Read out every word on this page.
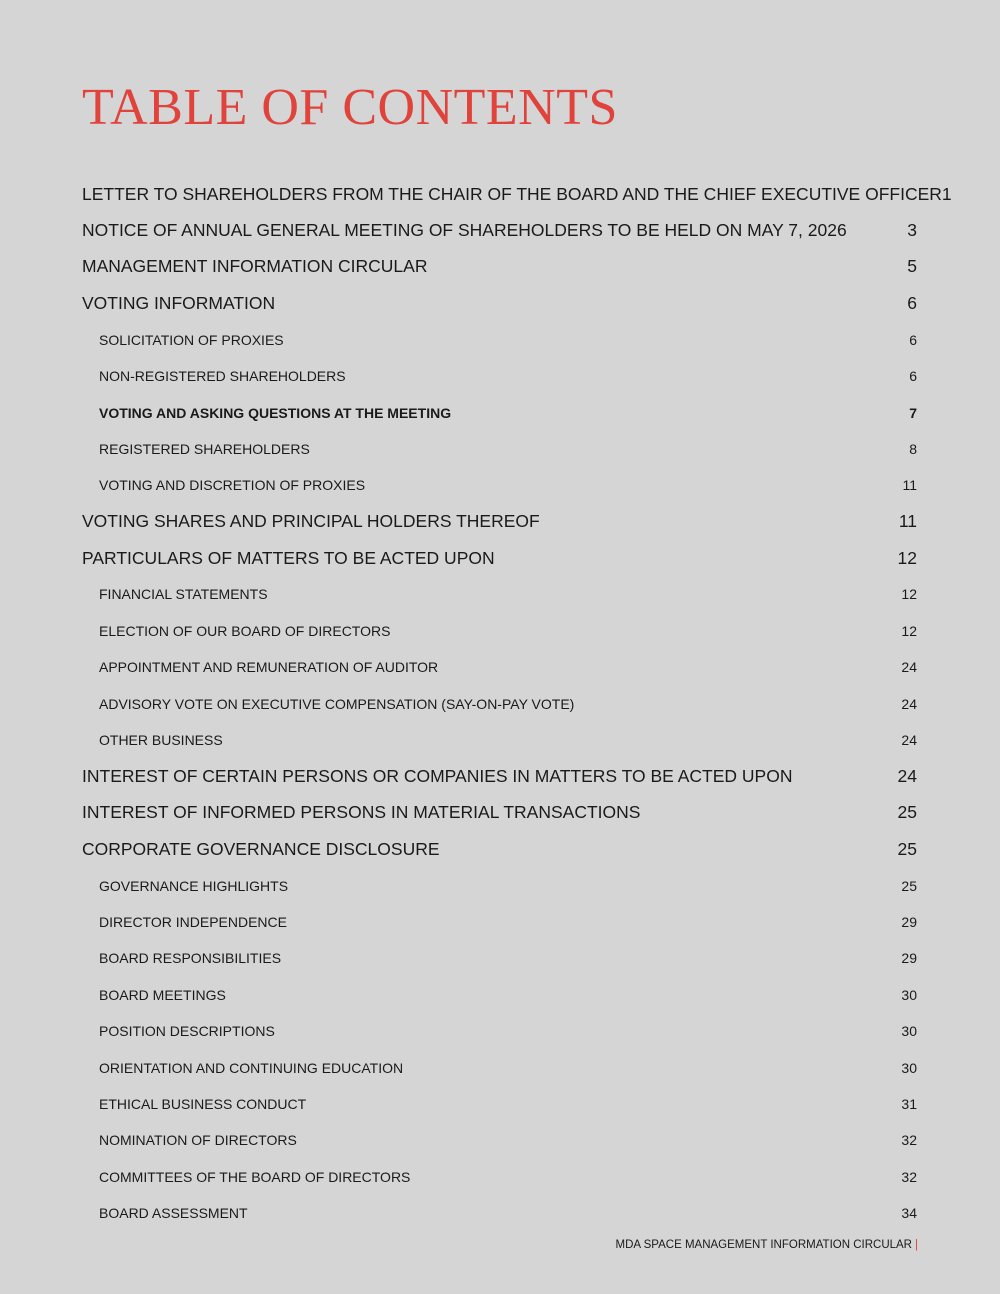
TABLE OF CONTENTS
LETTER TO SHAREHOLDERS FROM THE CHAIR OF THE BOARD AND THE CHIEF EXECUTIVE OFFICER 1
NOTICE OF ANNUAL GENERAL MEETING OF SHAREHOLDERS TO BE HELD ON MAY 7, 2026	3
MANAGEMENT INFORMATION CIRCULAR	5
VOTING INFORMATION	6
SOLICITATION OF PROXIES	6
NON-REGISTERED SHAREHOLDERS	6
VOTING AND ASKING QUESTIONS AT THE MEETING	7
REGISTERED SHAREHOLDERS	8
VOTING AND DISCRETION OF PROXIES	11
VOTING SHARES AND PRINCIPAL HOLDERS THEREOF	11
PARTICULARS OF MATTERS TO BE ACTED UPON	12
FINANCIAL STATEMENTS	12
ELECTION OF OUR BOARD OF DIRECTORS	12
APPOINTMENT AND REMUNERATION OF AUDITOR	24
ADVISORY VOTE ON EXECUTIVE COMPENSATION (SAY-ON-PAY VOTE)	24
OTHER BUSINESS	24
INTEREST OF CERTAIN PERSONS OR COMPANIES IN MATTERS TO BE ACTED UPON	24
INTEREST OF INFORMED PERSONS IN MATERIAL TRANSACTIONS	25
CORPORATE GOVERNANCE DISCLOSURE	25
GOVERNANCE HIGHLIGHTS	25
DIRECTOR INDEPENDENCE	29
BOARD RESPONSIBILITIES	29
BOARD MEETINGS	30
POSITION DESCRIPTIONS	30
ORIENTATION AND CONTINUING EDUCATION	30
ETHICAL BUSINESS CONDUCT	31
NOMINATION OF DIRECTORS	32
COMMITTEES OF THE BOARD OF DIRECTORS	32
BOARD ASSESSMENT	34
MDA SPACE MANAGEMENT INFORMATION CIRCULAR |
